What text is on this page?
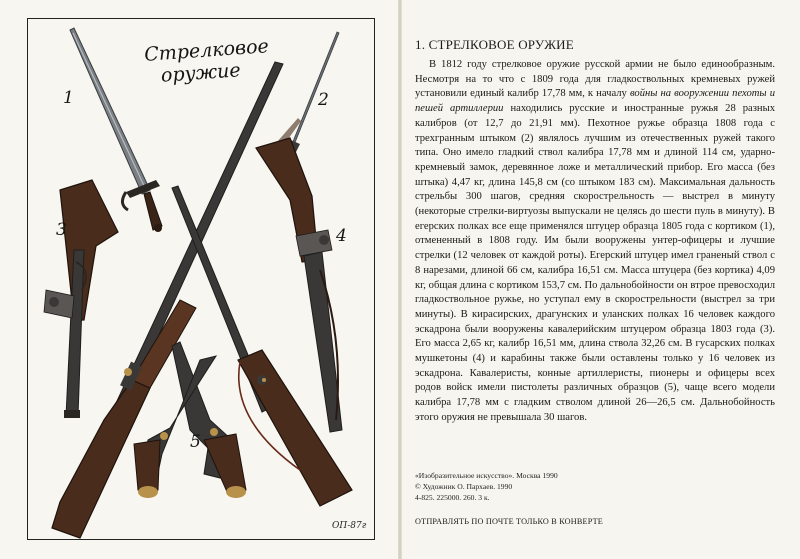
Стрелковое
оружие
1	2
3	4
5
ОП-87г
1. СТРЕЛКОВОЕ ОРУЖИЕ
В 1812 году стрелковое оружие русской армии не было единообразным. Несмотря на то что с 1809 года для гладкоствольных кремневых ружей установили единый калибр 17,78 мм, к началу войны на вооружении пехоты и пешей артиллерии находились русские и иностранные ружья 28 разных калибров (от 12,7 до 21,91 мм). Пехотное ружье образца 1808 года с трехгранным штыком (2) являлось лучшим из отечественных ружей такого типа. Оно имело гладкий ствол калибра 17,78 мм и длиной 114 см, ударно-кремневый замок, деревянное ложе и металлический прибор. Его масса (без штыка) 4,47 кг, длина 145,8 см (со штыком 183 см). Максимальная дальность стрельбы 300 шагов, средняя скорострельность — выстрел в минуту (некоторые стрелки-виртуозы выпускали не целясь до шести пуль в минуту). В егерских полках все еще применялся штуцер образца 1805 года с кортиком (1), отмененный в 1808 году. Им были вооружены унтер-офицеры и лучшие стрелки (12 человек от каждой роты). Егерский штуцер имел граненый ствол с 8 нарезами, длиной 66 см, калибра 16,51 см. Масса штуцера (без кортика) 4,09 кг, общая длина с кортиком 153,7 см. По дальнобойности он втрое превосходил гладкоствольное ружье, но уступал ему в скорострельности (выстрел за три минуты). В кирасирских, драгунских и уланских полках 16 человек каждого эскадрона были вооружены кавалерийским штуцером образца 1803 года (3). Его масса 2,65 кг, калибр 16,51 мм, длина ствола 32,26 см. В гусарских полках мушкетоны (4) и карабины также были оставлены только у 16 человек из эскадрона. Кавалеристы, конные артиллеристы, пионеры и офицеры всех родов войск имели пистолеты различных образцов (5), чаще всего модели калибра 17,78 мм с гладким стволом длиной 26—26,5 см. Дальнобойность этого оружия не превышала 30 шагов.
«Изобразительное искусство». Москва 1990
© Художник О. Пархаев. 1990
4-825. 225000. 260. 3 к.
ОТПРАВЛЯТЬ ПО ПОЧТЕ ТОЛЬКО В КОНВЕРТЕ
